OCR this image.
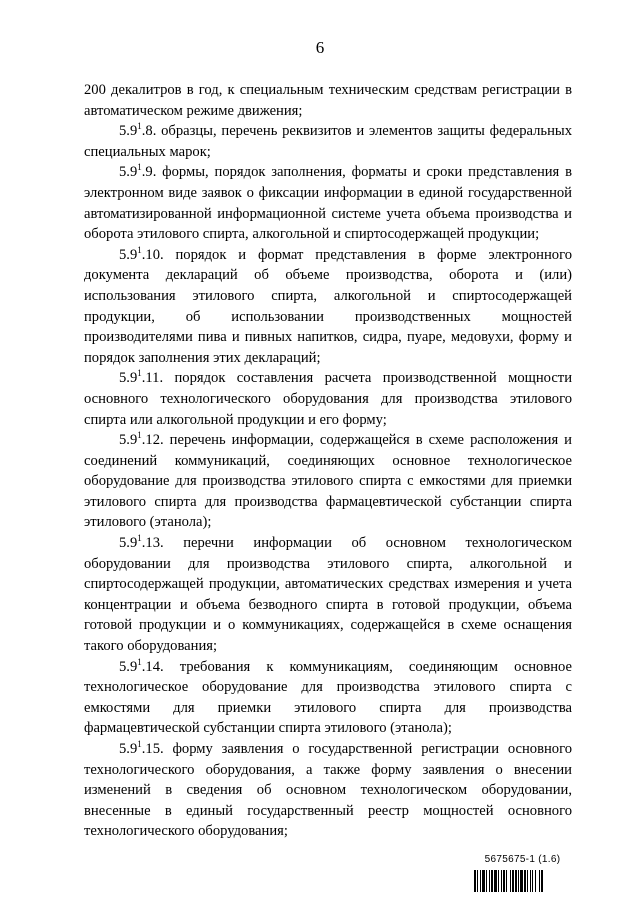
6

200 декалитров в год, к специальным техническим средствам регистрации в автоматическом режиме движения;

$5.9^1.8$. образцы, перечень реквизитов и элементов защиты федеральных специальных марок;

$5.9^1.9$. формы, порядок заполнения, форматы и сроки представления в электронном виде заявок о фиксации информации в единой государственной автоматизированной информационной системе учета объема производства и оборота этилового спирта, алкогольной и спиртосодержащей продукции;

$5.9^1.10$. порядок и формат представления в форме электронного документа деклараций об объеме производства, оборота и (или) использования этилового спирта, алкогольной и спиртосодержащей продукции, об использовании производственных мощностей производителями пива и пивных напитков, сидра, пуаре, медовухи, форму и порядок заполнения этих деклараций;

$5.9^1.11$. порядок составления расчета производственной мощности основного технологического оборудования для производства этилового спирта или алкогольной продукции и его форму;

$5.9^1.12$. перечень информации, содержащейся в схеме расположения и соединений коммуникаций, соединяющих основное технологическое оборудование для производства этилового спирта с емкостями для приемки этилового спирта для производства фармацевтической субстанции спирта этилового (этанола);

$5.9^1.13$. перечни информации об основном технологическом оборудовании для производства этилового спирта, алкогольной и спиртосодержащей продукции, автоматических средствах измерения и учета концентрации и объема безводного спирта в готовой продукции, объема готовой продукции и о коммуникациях, содержащейся в схеме оснащения такого оборудования;

$5.9^1.14$. требования к коммуникациям, соединяющим основное технологическое оборудование для производства этилового спирта с емкостями для приемки этилового спирта для производства фармацевтической субстанции спирта этилового (этанола);

$5.9^1.15$. форму заявления о государственной регистрации основного технологического оборудования, а также форму заявления о внесении изменений в сведения об основном технологическом оборудовании, внесенные в единый государственный реестр мощностей основного технологического оборудования;

5675675-1 (1.6)
